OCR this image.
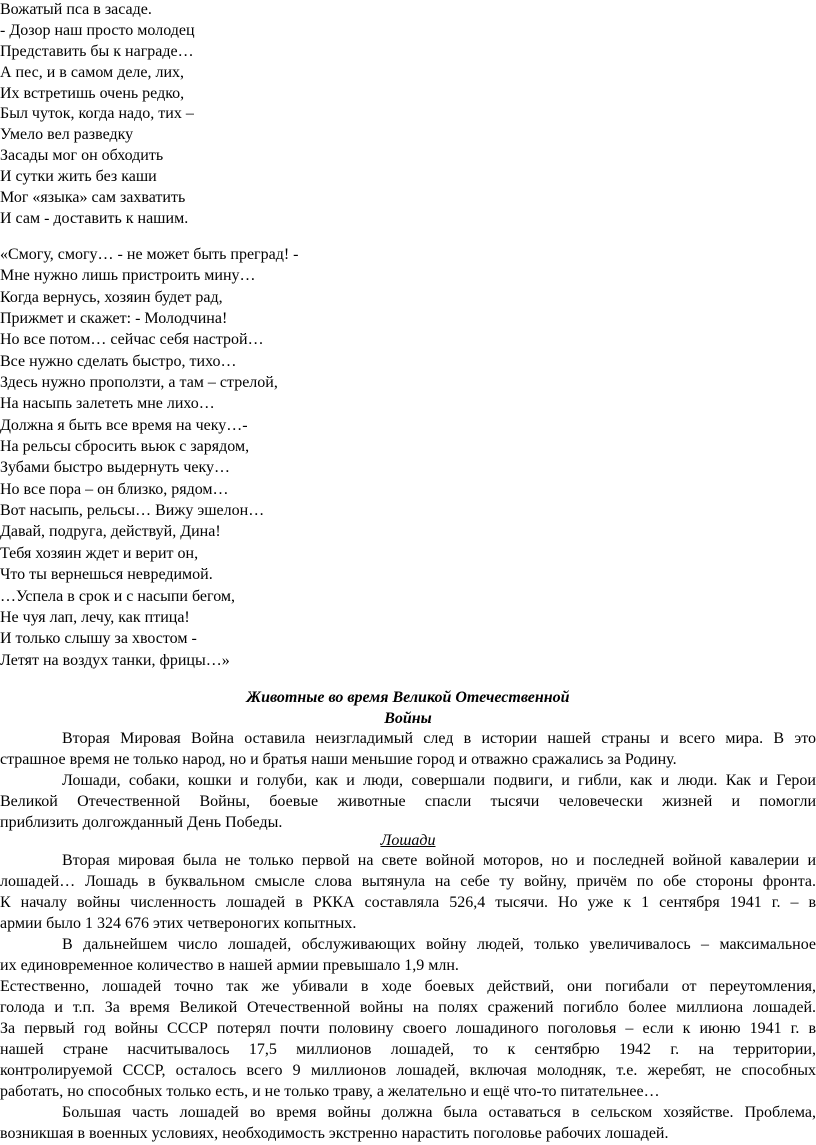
Вожатый пса в засаде.
- Дозор наш просто молодец
Представить бы к награде…
А пес, и в самом деле, лих,
Их встретишь очень редко,
Был чуток, когда надо, тих –
Умело вел разведку
Засады мог он обходить
И сутки жить без каши
Мог «языка» сам захватить
И сам - доставить к нашим.
«Смогу, смогу… - не может быть преград! -
Мне нужно лишь пристроить мину…
Когда вернусь, хозяин будет рад,
Прижмет и скажет: - Молодчина!
Но все потом… сейчас себя настрой…
Все нужно сделать быстро, тихо…
Здесь нужно проползти, а там – стрелой,
На насыпь залететь мне лихо…
Должна я быть все время на чеку…-
На рельсы сбросить вьюк с зарядом,
Зубами быстро выдернуть чеку…
Но все пора – он близко, рядом…
Вот насыпь, рельсы… Вижу эшелон…
Давай, подруга, действуй, Дина!
Тебя хозяин ждет и верит он,
Что ты вернешься невредимой.
…Успела в срок и с насыпи бегом,
Не чуя лап, лечу, как птица!
И только слышу за хвостом -
Летят на воздух танки, фрицы…»
Животные во время Великой Отечественной
Войны
Вторая Мировая Война оставила неизгладимый след в истории нашей страны и всего мира. В это
страшное время не только народ, но и братья наши меньшие город и отважно сражались за Родину.
Лошади, собаки, кошки и голуби, как и люди, совершали подвиги, и гибли, как и люди. Как и Герои
Великой Отечественной Войны, боевые животные спасли тысячи человечески жизней и помогли
приблизить долгожданный День Победы.
Лошади
Вторая мировая была не только первой на свете войной моторов, но и последней войной кавалерии и
лошадей… Лошадь в буквальном смысле слова вытянула на себе ту войну, причём по обе стороны фронта.
К началу войны численность лошадей в РККА составляла 526,4 тысячи. Но уже к 1 сентября 1941 г. – в
армии было 1 324 676 этих четвероногих копытных.
В дальнейшем число лошадей, обслуживающих войну людей, только увеличивалось – максимальное
их единовременное количество в нашей армии превышало 1,9 млн.
Естественно, лошадей точно так же убивали в ходе боевых действий, они погибали от переутомления,
голода и т.п. За время Великой Отечественной войны на полях сражений погибло более миллиона лошадей.
За первый год войны СССР потерял почти половину своего лошадиного поголовья – если к июню 1941 г. в
нашей стране насчитывалось 17,5 миллионов лошадей, то к сентябрю 1942 г. на территории,
контролируемой СССР, осталось всего 9 миллионов лошадей, включая молодняк, т.е. жеребят, не способных
работать, но способных только есть, и не только траву, а желательно и ещё что-то питательнее…
Большая часть лошадей во время войны должна была оставаться в сельском хозяйстве. Проблема,
возникшая в военных условиях, необходимость экстренно нарастить поголовье рабочих лошадей.
